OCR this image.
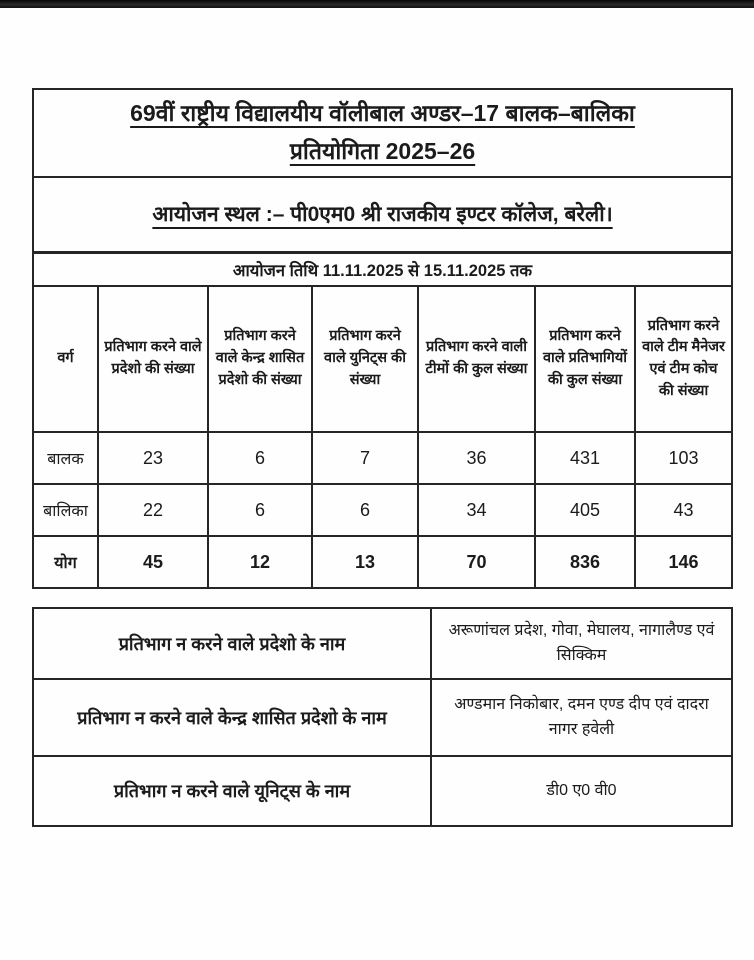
69वीं राष्ट्रीय विद्यालयीय वॉलीबाल अण्डर–17 बालक–बालिका
प्रतियोगिता 2025–26						
आयोजन स्थल :– पी0एम0 श्री राजकीय इण्टर कॉलेज, बरेली।						
आयोजन तिथि 11.11.2025 से 15.11.2025 तक						
वर्ग	प्रतिभाग करने वाले प्रदेशो की संख्या	प्रतिभाग करने वाले केन्द्र शासित प्रदेशो की संख्या	प्रतिभाग करने वाले युनिट्स की संख्या	प्रतिभाग करने वाली टीमों की कुल संख्या	प्रतिभाग करने वाले प्रतिभागियों की कुल संख्या	प्रतिभाग करने वाले टीम मैनेजर एवं टीम कोच की संख्या
बालक	23	6	7	36	431	103
बालिका	22	6	6	34	405	43
योग	45	12	13	70	836	146
प्रतिभाग न करने वाले प्रदेशो के नाम	अरूणांचल प्रदेश, गोवा, मेघालय, नागालैण्ड एवं सिक्किम
प्रतिभाग न करने वाले केन्द्र शासित प्रदेशो के नाम	अण्डमान निकोबार, दमन एण्ड दीप एवं दादरा नागर हवेली
प्रतिभाग न करने वाले यूनिट्स के नाम	डी0 ए0 वी0
